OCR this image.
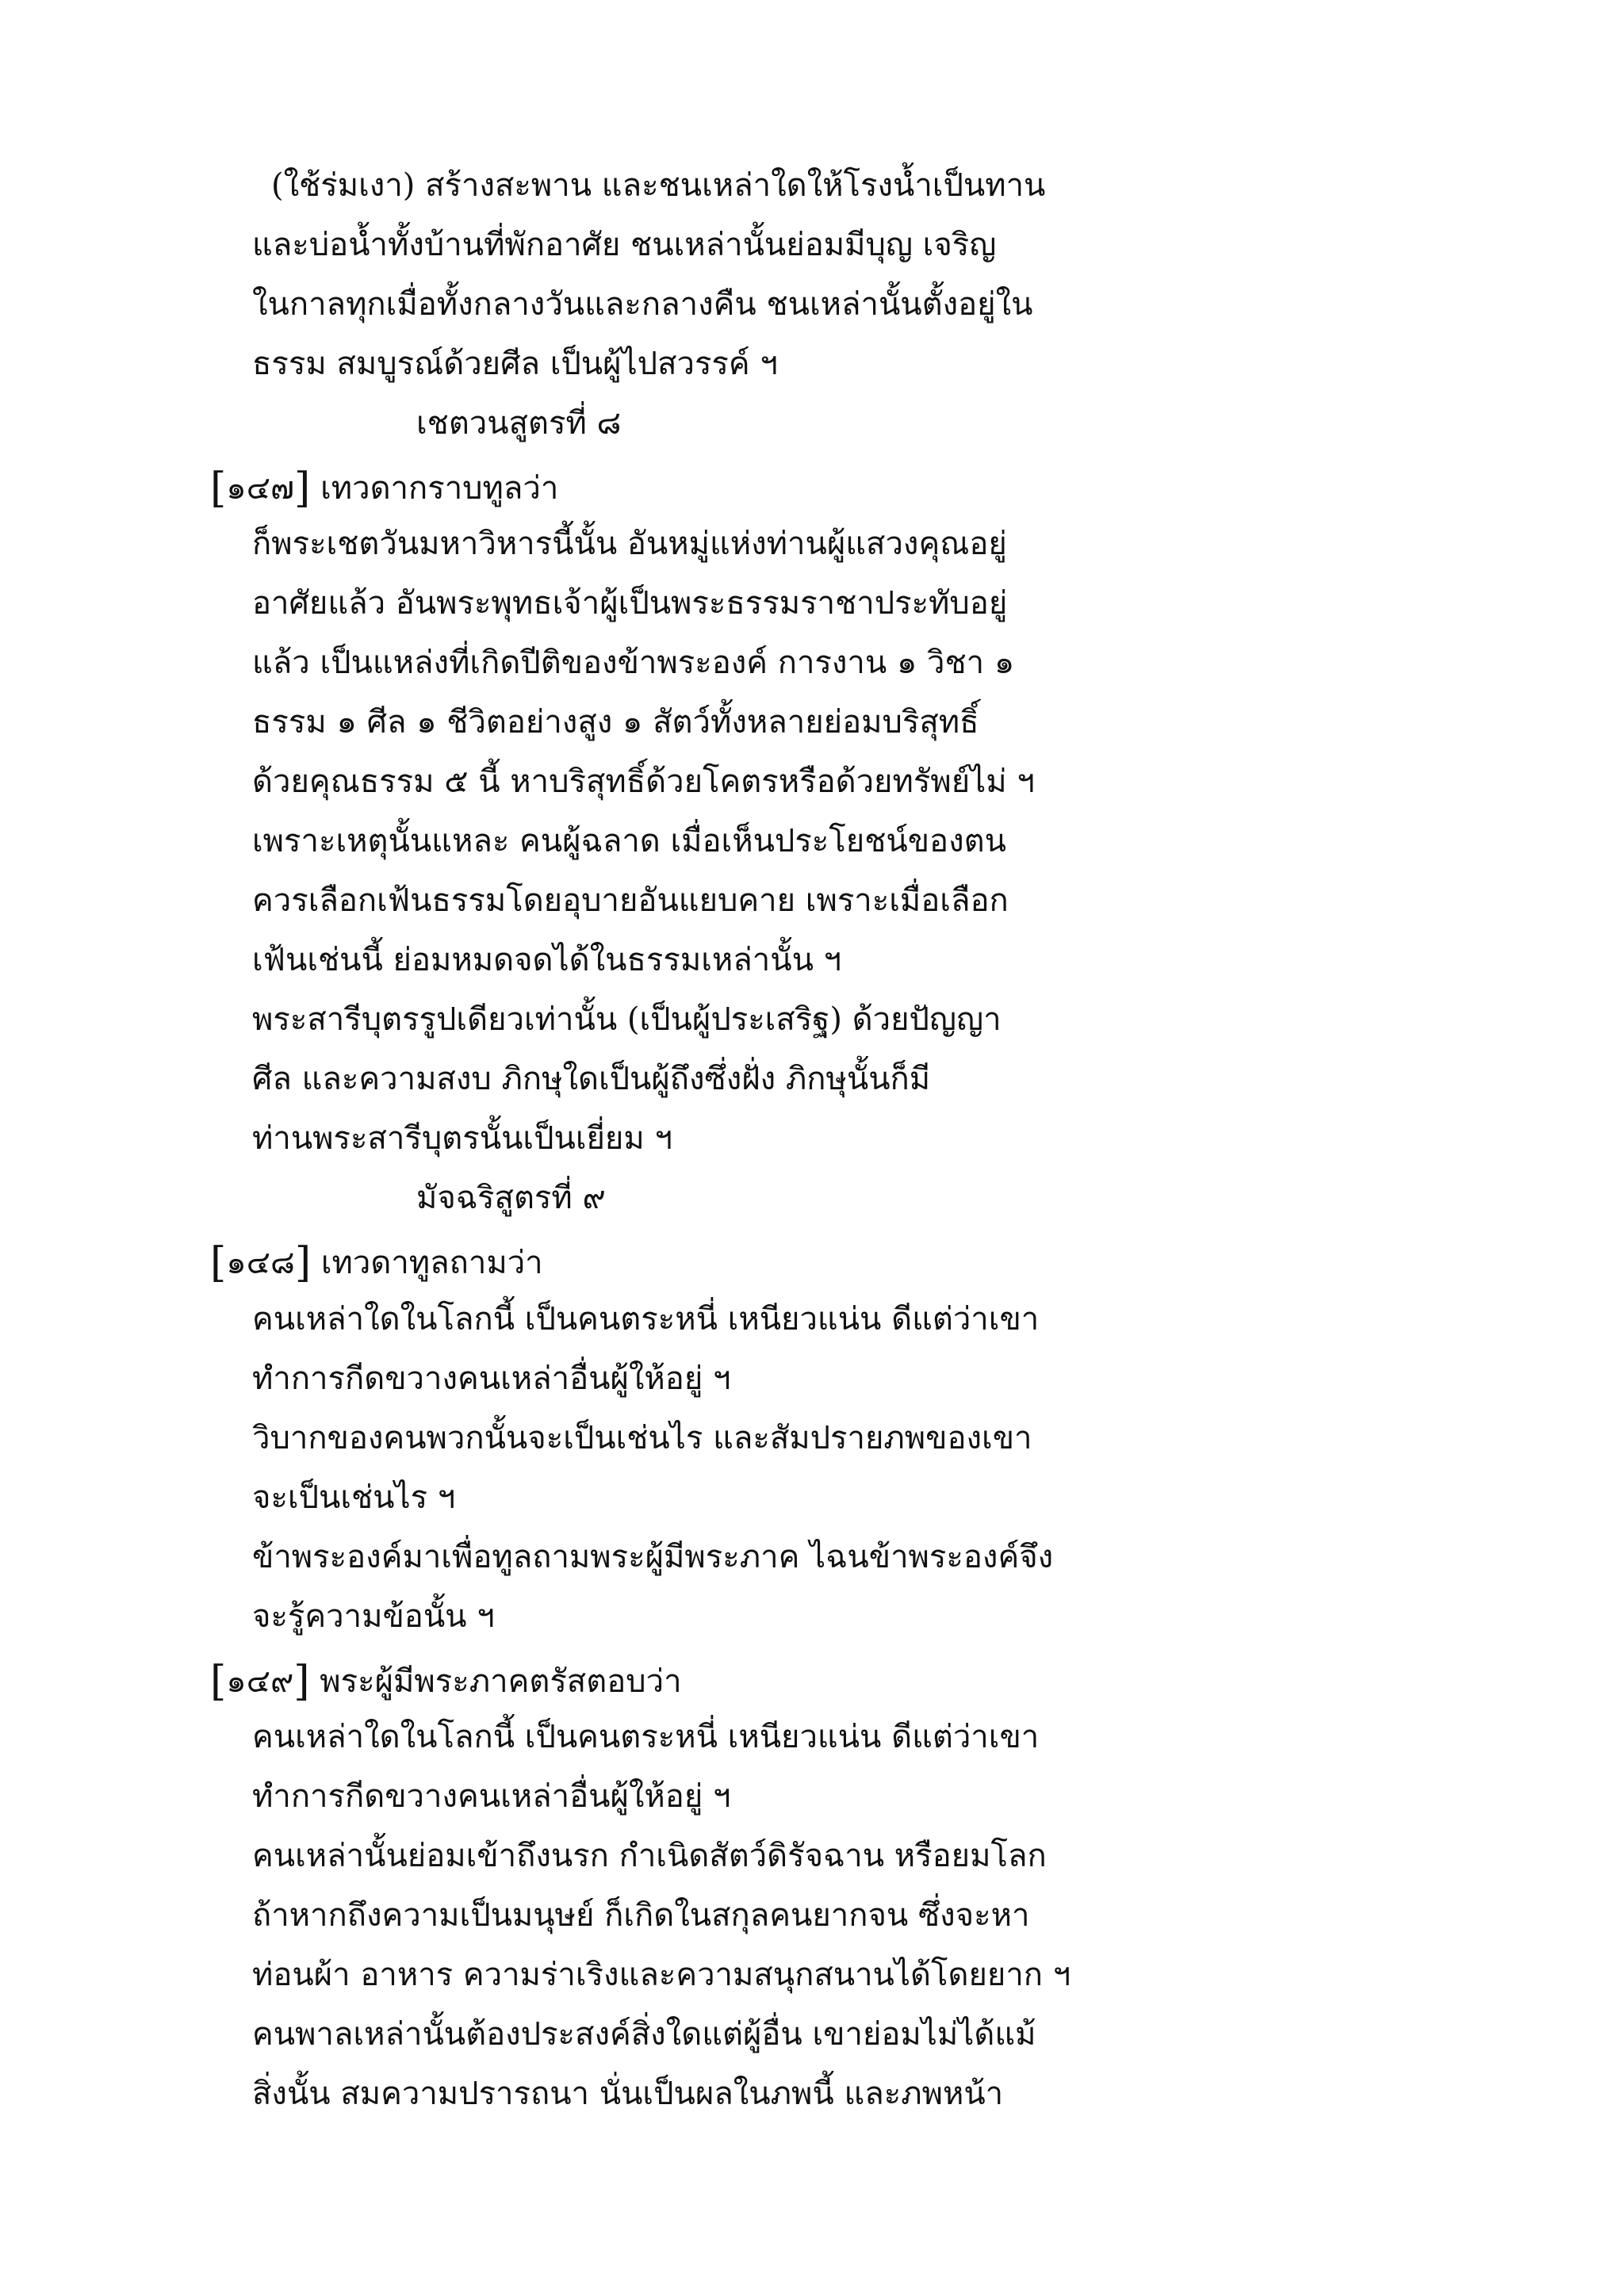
(ใช้ร่มเงา) สร้างสะพาน และชนเหล่าใดให้โรงน้ำเป็นทาน
และบ่อน้ำทั้งบ้านที่พักอาศัย ชนเหล่านั้นย่อมมีบุญ เจริญ
ในกาลทุกเมื่อทั้งกลางวันและกลางคืน ชนเหล่านั้นตั้งอยู่ใน
ธรรม สมบูรณ์ด้วยศีล เป็นผู้ไปสวรรค์ ฯ
เชตวนสูตรที่ ๘
[๑๔๗] เทวดากราบทูลว่า
ก็พระเชตวันมหาวิหารนี้นั้น อันหมู่แห่งท่านผู้แสวงคุณอยู่
อาศัยแล้ว อันพระพุทธเจ้าผู้เป็นพระธรรมราชาประทับอยู่
แล้ว เป็นแหล่งที่เกิดปีติของข้าพระองค์ การงาน ๑ วิชา ๑
ธรรม ๑ ศีล ๑ ชีวิตอย่างสูง ๑ สัตว์ทั้งหลายย่อมบริสุทธิ์
ด้วยคุณธรรม ๕ นี้ หาบริสุทธิ์ด้วยโคตรหรือด้วยทรัพย์ไม่ ฯ
เพราะเหตุนั้นแหละ คนผู้ฉลาด เมื่อเห็นประโยชน์ของตน
ควรเลือกเฟ้นธรรมโดยอุบายอันแยบคาย เพราะเมื่อเลือก
เฟ้นเช่นนี้ ย่อมหมดจดได้ในธรรมเหล่านั้น ฯ
พระสารีบุตรรูปเดียวเท่านั้น (เป็นผู้ประเสริฐ) ด้วยปัญญา
ศีล และความสงบ ภิกษุใดเป็นผู้ถึงซึ่งฝั่ง ภิกษุนั้นก็มี
ท่านพระสารีบุตรนั้นเป็นเยี่ยม ฯ
มัจฉริสูตรที่ ๙
[๑๔๘] เทวดาทูลถามว่า
คนเหล่าใดในโลกนี้ เป็นคนตระหนี่ เหนียวแน่น ดีแต่ว่าเขา
ทำการกีดขวางคนเหล่าอื่นผู้ให้อยู่ ฯ
วิบากของคนพวกนั้นจะเป็นเช่นไร และสัมปรายภพของเขา
จะเป็นเช่นไร ฯ
ข้าพระองค์มาเพื่อทูลถามพระผู้มีพระภาค ไฉนข้าพระองค์จึง
จะรู้ความข้อนั้น ฯ
[๑๔๙] พระผู้มีพระภาคตรัสตอบว่า
คนเหล่าใดในโลกนี้ เป็นคนตระหนี่ เหนียวแน่น ดีแต่ว่าเขา
ทำการกีดขวางคนเหล่าอื่นผู้ให้อยู่ ฯ
คนเหล่านั้นย่อมเข้าถึงนรก กำเนิดสัตว์ดิรัจฉาน หรือยมโลก
ถ้าหากถึงความเป็นมนุษย์ ก็เกิดในสกุลคนยากจน ซึ่งจะหา
ท่อนผ้า อาหาร ความร่าเริงและความสนุกสนานได้โดยยาก ฯ
คนพาลเหล่านั้นต้องประสงค์สิ่งใดแต่ผู้อื่น เขาย่อมไม่ได้แม้
สิ่งนั้น สมความปรารถนา นั่นเป็นผลในภพนี้ และภพหน้า
